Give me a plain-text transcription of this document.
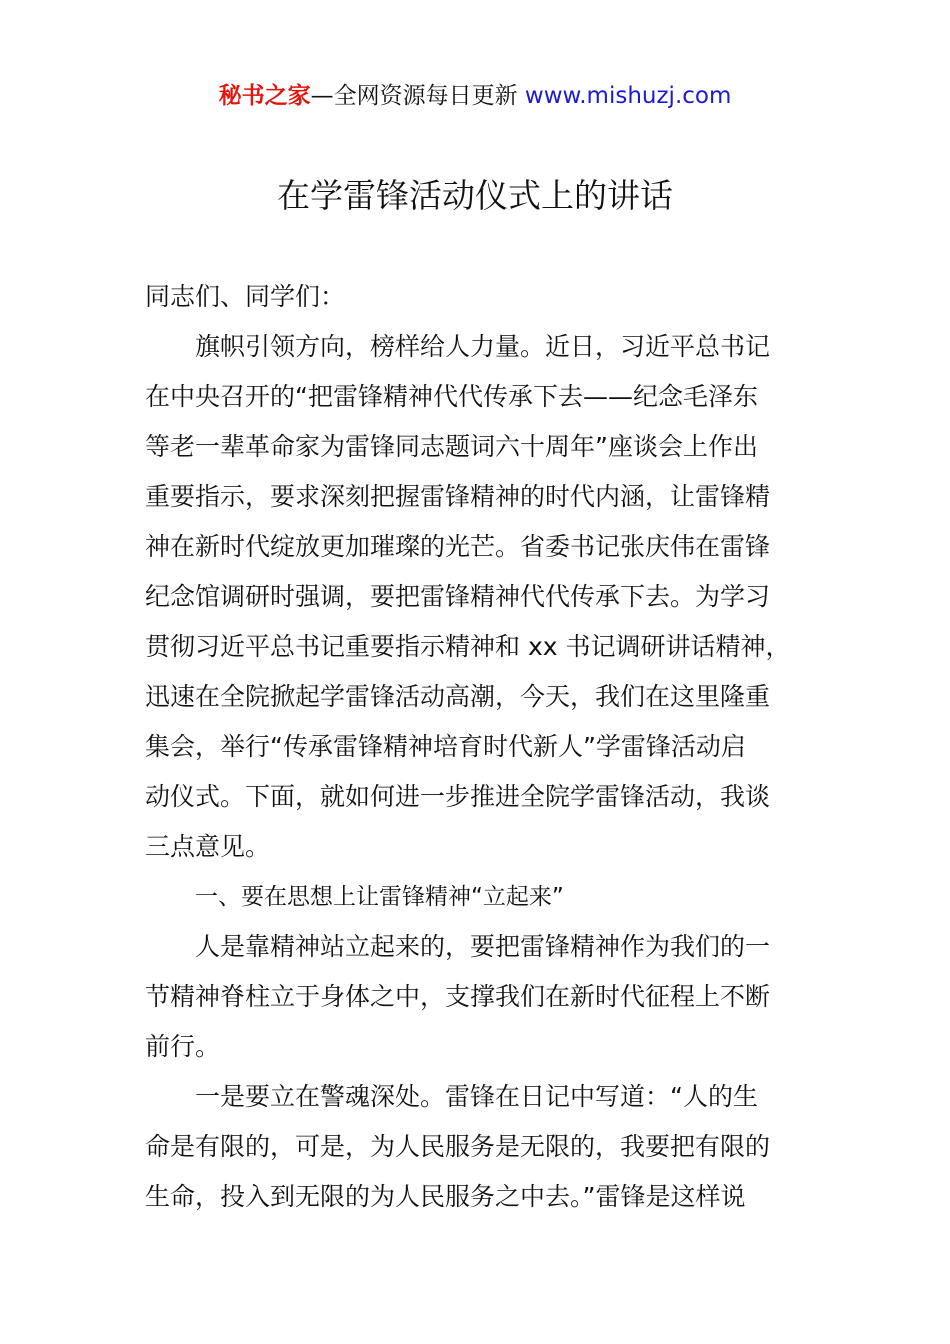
秘书之家—全网资源每日更新 www.mishuzj.com
在学雷锋活动仪式上的讲话
同志们、同学们：
旗帜引领方向，榜样给人力量。近日，习近平总书记
在中央召开的“把雷锋精神代代传承下去——纪念毛泽东
等老一辈革命家为雷锋同志题词六十周年”座谈会上作出
重要指示，要求深刻把握雷锋精神的时代内涵，让雷锋精
神在新时代绽放更加璀璨的光芒。省委书记张庆伟在雷锋
纪念馆调研时强调，要把雷锋精神代代传承下去。为学习
贯彻习近平总书记重要指示精神和 xx 书记调研讲话精神，
迅速在全院掀起学雷锋活动高潮，今天，我们在这里隆重
集会，举行“传承雷锋精神培育时代新人”学雷锋活动启
动仪式。下面，就如何进一步推进全院学雷锋活动，我谈
三点意见。
一、要在思想上让雷锋精神“立起来”
人是靠精神站立起来的，要把雷锋精神作为我们的一
节精神脊柱立于身体之中，支撑我们在新时代征程上不断
前行。
一是要立在警魂深处。雷锋在日记中写道：“人的生
命是有限的，可是，为人民服务是无限的，我要把有限的
生命，投入到无限的为人民服务之中去。”雷锋是这样说
